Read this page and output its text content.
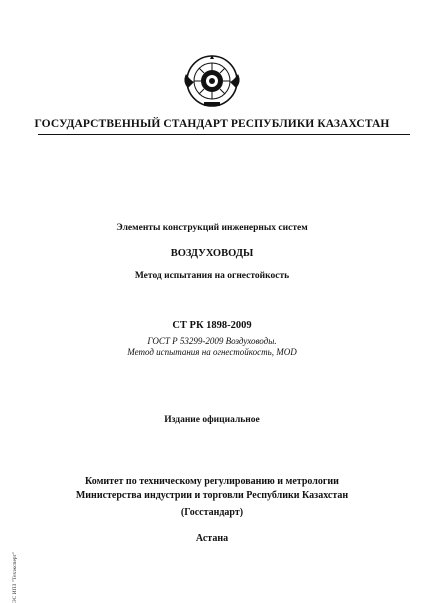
ГОСУДАРСТВЕННЫЙ СТАНДАРТ РЕСПУБЛИКИ КАЗАХСТАН
Элементы конструкций инженерных систем
ВОЗДУХОВОДЫ
Метод испытания на огнестойкость
СТ РК 1898-2009
ГОСТ Р 53299-2009 Воздуховоды.
Метод испытания на огнестойкость, MOD
Издание официальное
Комитет по техническому регулированию и метрологии
Министерства индустрии и торговли Республики Казахстан
(Госстандарт)
Астана
ЭС ИПЗ "Техэксперт"
